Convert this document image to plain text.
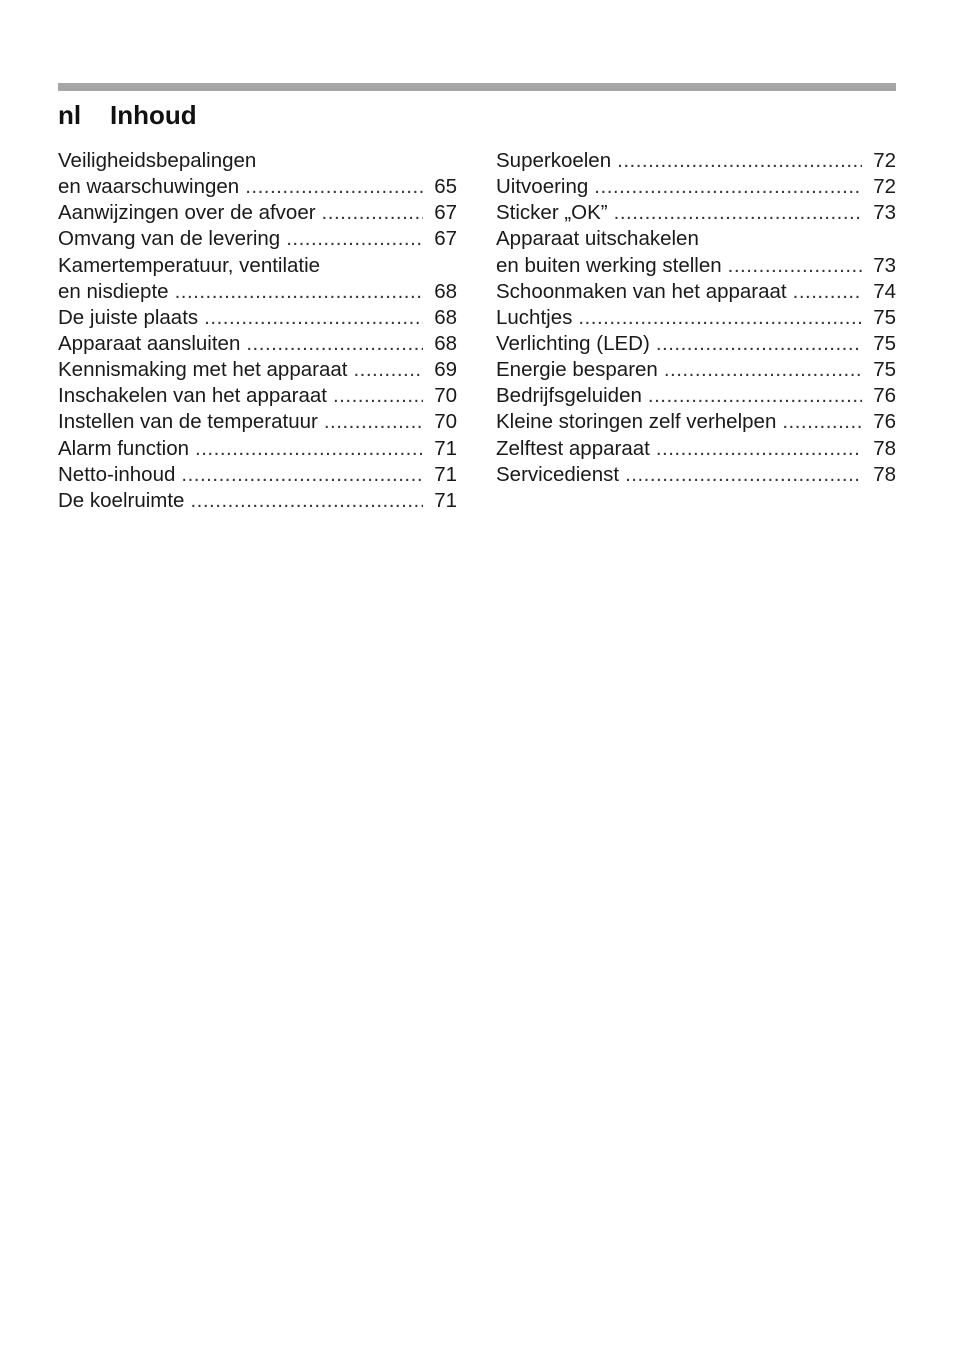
nl	Inhoud
Veiligheidsbepalingen
en waarschuwingen .....	65
Aanwijzingen over de afvoer .....	67
Omvang van de levering .....	67
Kamertemperatuur, ventilatie
en nisdiepte .....	68
De juiste plaats .....	68
Apparaat aansluiten .....	68
Kennismaking met het apparaat .....	69
Inschakelen van het apparaat .....	70
Instellen van de temperatuur .....	70
Alarm function .....	71
Netto-inhoud .....	71
De koelruimte .....	71
Superkoelen .....	72
Uitvoering .....	72
Sticker „OK” .....	73
Apparaat uitschakelen
en buiten werking stellen .....	73
Schoonmaken van het apparaat .....	74
Luchtjes .....	75
Verlichting (LED) .....	75
Energie besparen .....	75
Bedrijfsgeluiden .....	76
Kleine storingen zelf verhelpen .....	76
Zelftest apparaat .....	78
Servicedienst .....	78
